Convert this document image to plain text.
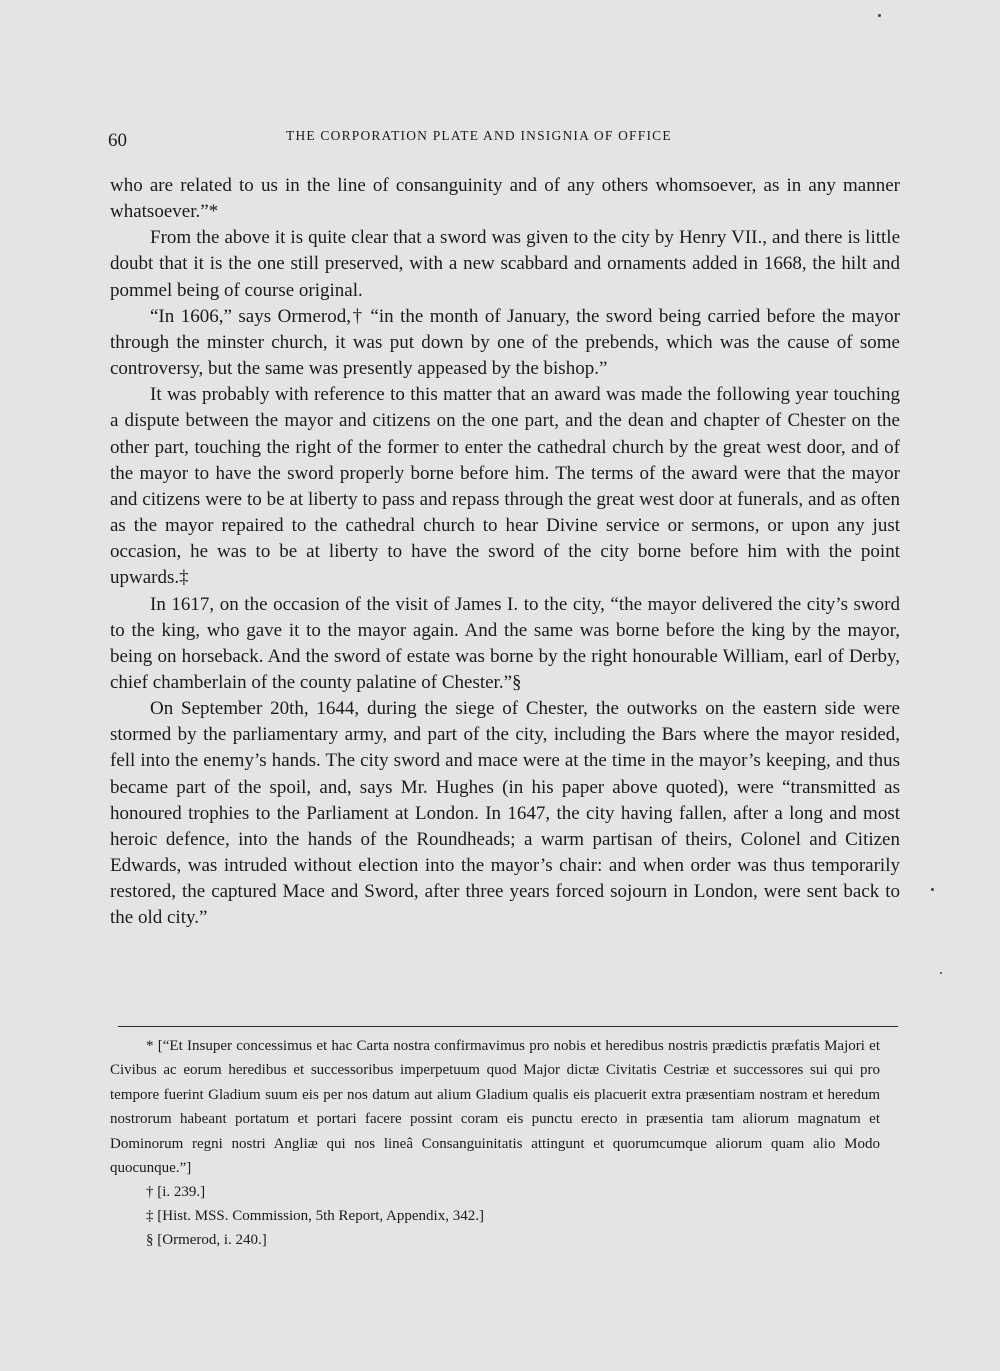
60	THE CORPORATION PLATE AND INSIGNIA OF OFFICE

who are related to us in the line of consanguinity and of any others whomsoever, as in any manner whatsoever.”*

From the above it is quite clear that a sword was given to the city by Henry VII., and there is little doubt that it is the one still preserved, with a new scabbard and ornaments added in 1668, the hilt and pommel being of course original.

“In 1606,” says Ormerod,† “in the month of January, the sword being carried before the mayor through the minster church, it was put down by one of the prebends, which was the cause of some controversy, but the same was presently appeased by the bishop.”

It was probably with reference to this matter that an award was made the following year touching a dispute between the mayor and citizens on the one part, and the dean and chapter of Chester on the other part, touching the right of the former to enter the cathedral church by the great west door, and of the mayor to have the sword properly borne before him. The terms of the award were that the mayor and citizens were to be at liberty to pass and repass through the great west door at funerals, and as often as the mayor repaired to the cathedral church to hear Divine service or sermons, or upon any just occasion, he was to be at liberty to have the sword of the city borne before him with the point upwards.‡

In 1617, on the occasion of the visit of James I. to the city, “the mayor delivered the city’s sword to the king, who gave it to the mayor again. And the same was borne before the king by the mayor, being on horseback. And the sword of estate was borne by the right honourable William, earl of Derby, chief chamberlain of the county palatine of Chester.”§

On September 20th, 1644, during the siege of Chester, the outworks on the eastern side were stormed by the parliamentary army, and part of the city, including the Bars where the mayor resided, fell into the enemy’s hands. The city sword and mace were at the time in the mayor’s keeping, and thus became part of the spoil, and, says Mr. Hughes (in his paper above quoted), were “transmitted as honoured trophies to the Parliament at London. In 1647, the city having fallen, after a long and most heroic defence, into the hands of the Roundheads; a warm partisan of theirs, Colonel and Citizen Edwards, was intruded without election into the mayor’s chair: and when order was thus temporarily restored, the captured Mace and Sword, after three years forced sojourn in London, were sent back to the old city.”

* [“Et Insuper concessimus et hac Carta nostra confirmavimus pro nobis et heredibus nostris prædictis præfatis Majori et Civibus ac eorum heredibus et successoribus imperpetuum quod Major dictæ Civitatis Cestriæ et successores sui qui pro tempore fuerint Gladium suum eis per nos datum aut alium Gladium qualis eis placuerit extra præsentiam nostram et heredum nostrorum habeant portatum et portari facere possint coram eis punctu erecto in præsentia tam aliorum magnatum et Dominorum regni nostri Angliæ qui nos lineâ Consanguinitatis attingunt et quorumcumque aliorum quam alio Modo quocunque.”]

† [i. 239.]

‡ [Hist. MSS. Commission, 5th Report, Appendix, 342.]

§ [Ormerod, i. 240.]
